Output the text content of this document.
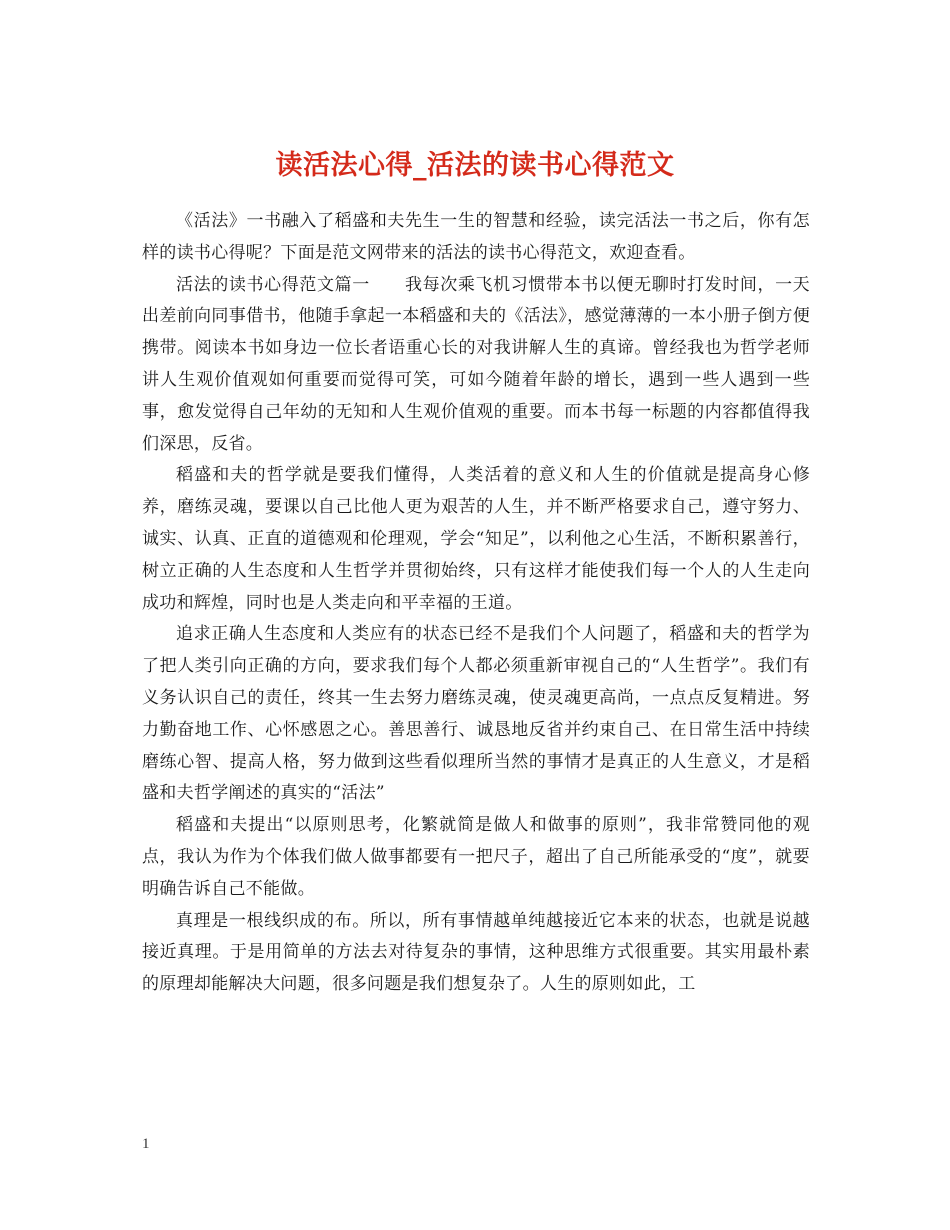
读活法心得_活法的读书心得范文

《活法》一书融入了稻盛和夫先生一生的智慧和经验，读完活法一书之后，你有怎样的读书心得呢？下面是范文网带来的活法的读书心得范文，欢迎查看。

活法的读书心得范文篇一　　我每次乘飞机习惯带本书以便无聊时打发时间，一天出差前向同事借书，他随手拿起一本稻盛和夫的《活法》，感觉薄薄的一本小册子倒方便携带。阅读本书如身边一位长者语重心长的对我讲解人生的真谛。曾经我也为哲学老师讲人生观价值观如何重要而觉得可笑，可如今随着年龄的增长，遇到一些人遇到一些事，愈发觉得自己年幼的无知和人生观价值观的重要。而本书每一标题的内容都值得我们深思，反省。

稻盛和夫的哲学就是要我们懂得，人类活着的意义和人生的价值就是提高身心修养，磨练灵魂，要课以自己比他人更为艰苦的人生，并不断严格要求自己，遵守努力、诚实、认真、正直的道德观和伦理观，学会“知足”，以利他之心生活，不断积累善行，树立正确的人生态度和人生哲学并贯彻始终，只有这样才能使我们每一个人的人生走向成功和辉煌，同时也是人类走向和平幸福的王道。

追求正确人生态度和人类应有的状态已经不是我们个人问题了，稻盛和夫的哲学为了把人类引向正确的方向，要求我们每个人都必须重新审视自己的“人生哲学”。我们有义务认识自己的责任，终其一生去努力磨练灵魂，使灵魂更高尚，一点点反复精进。努力勤奋地工作、心怀感恩之心。善思善行、诚恳地反省并约束自己、在日常生活中持续磨练心智、提高人格，努力做到这些看似理所当然的事情才是真正的人生意义，才是稻盛和夫哲学阐述的真实的“活法”

稻盛和夫提出“以原则思考，化繁就简是做人和做事的原则”，我非常赞同他的观点，我认为作为个体我们做人做事都要有一把尺子，超出了自己所能承受的“度”，就要明确告诉自己不能做。

真理是一根线织成的布。所以，所有事情越单纯越接近它本来的状态，也就是说越接近真理。于是用简单的方法去对待复杂的事情，这种思维方式很重要。其实用最朴素的原理却能解决大问题，很多问题是我们想复杂了。人生的原则如此，工

1
